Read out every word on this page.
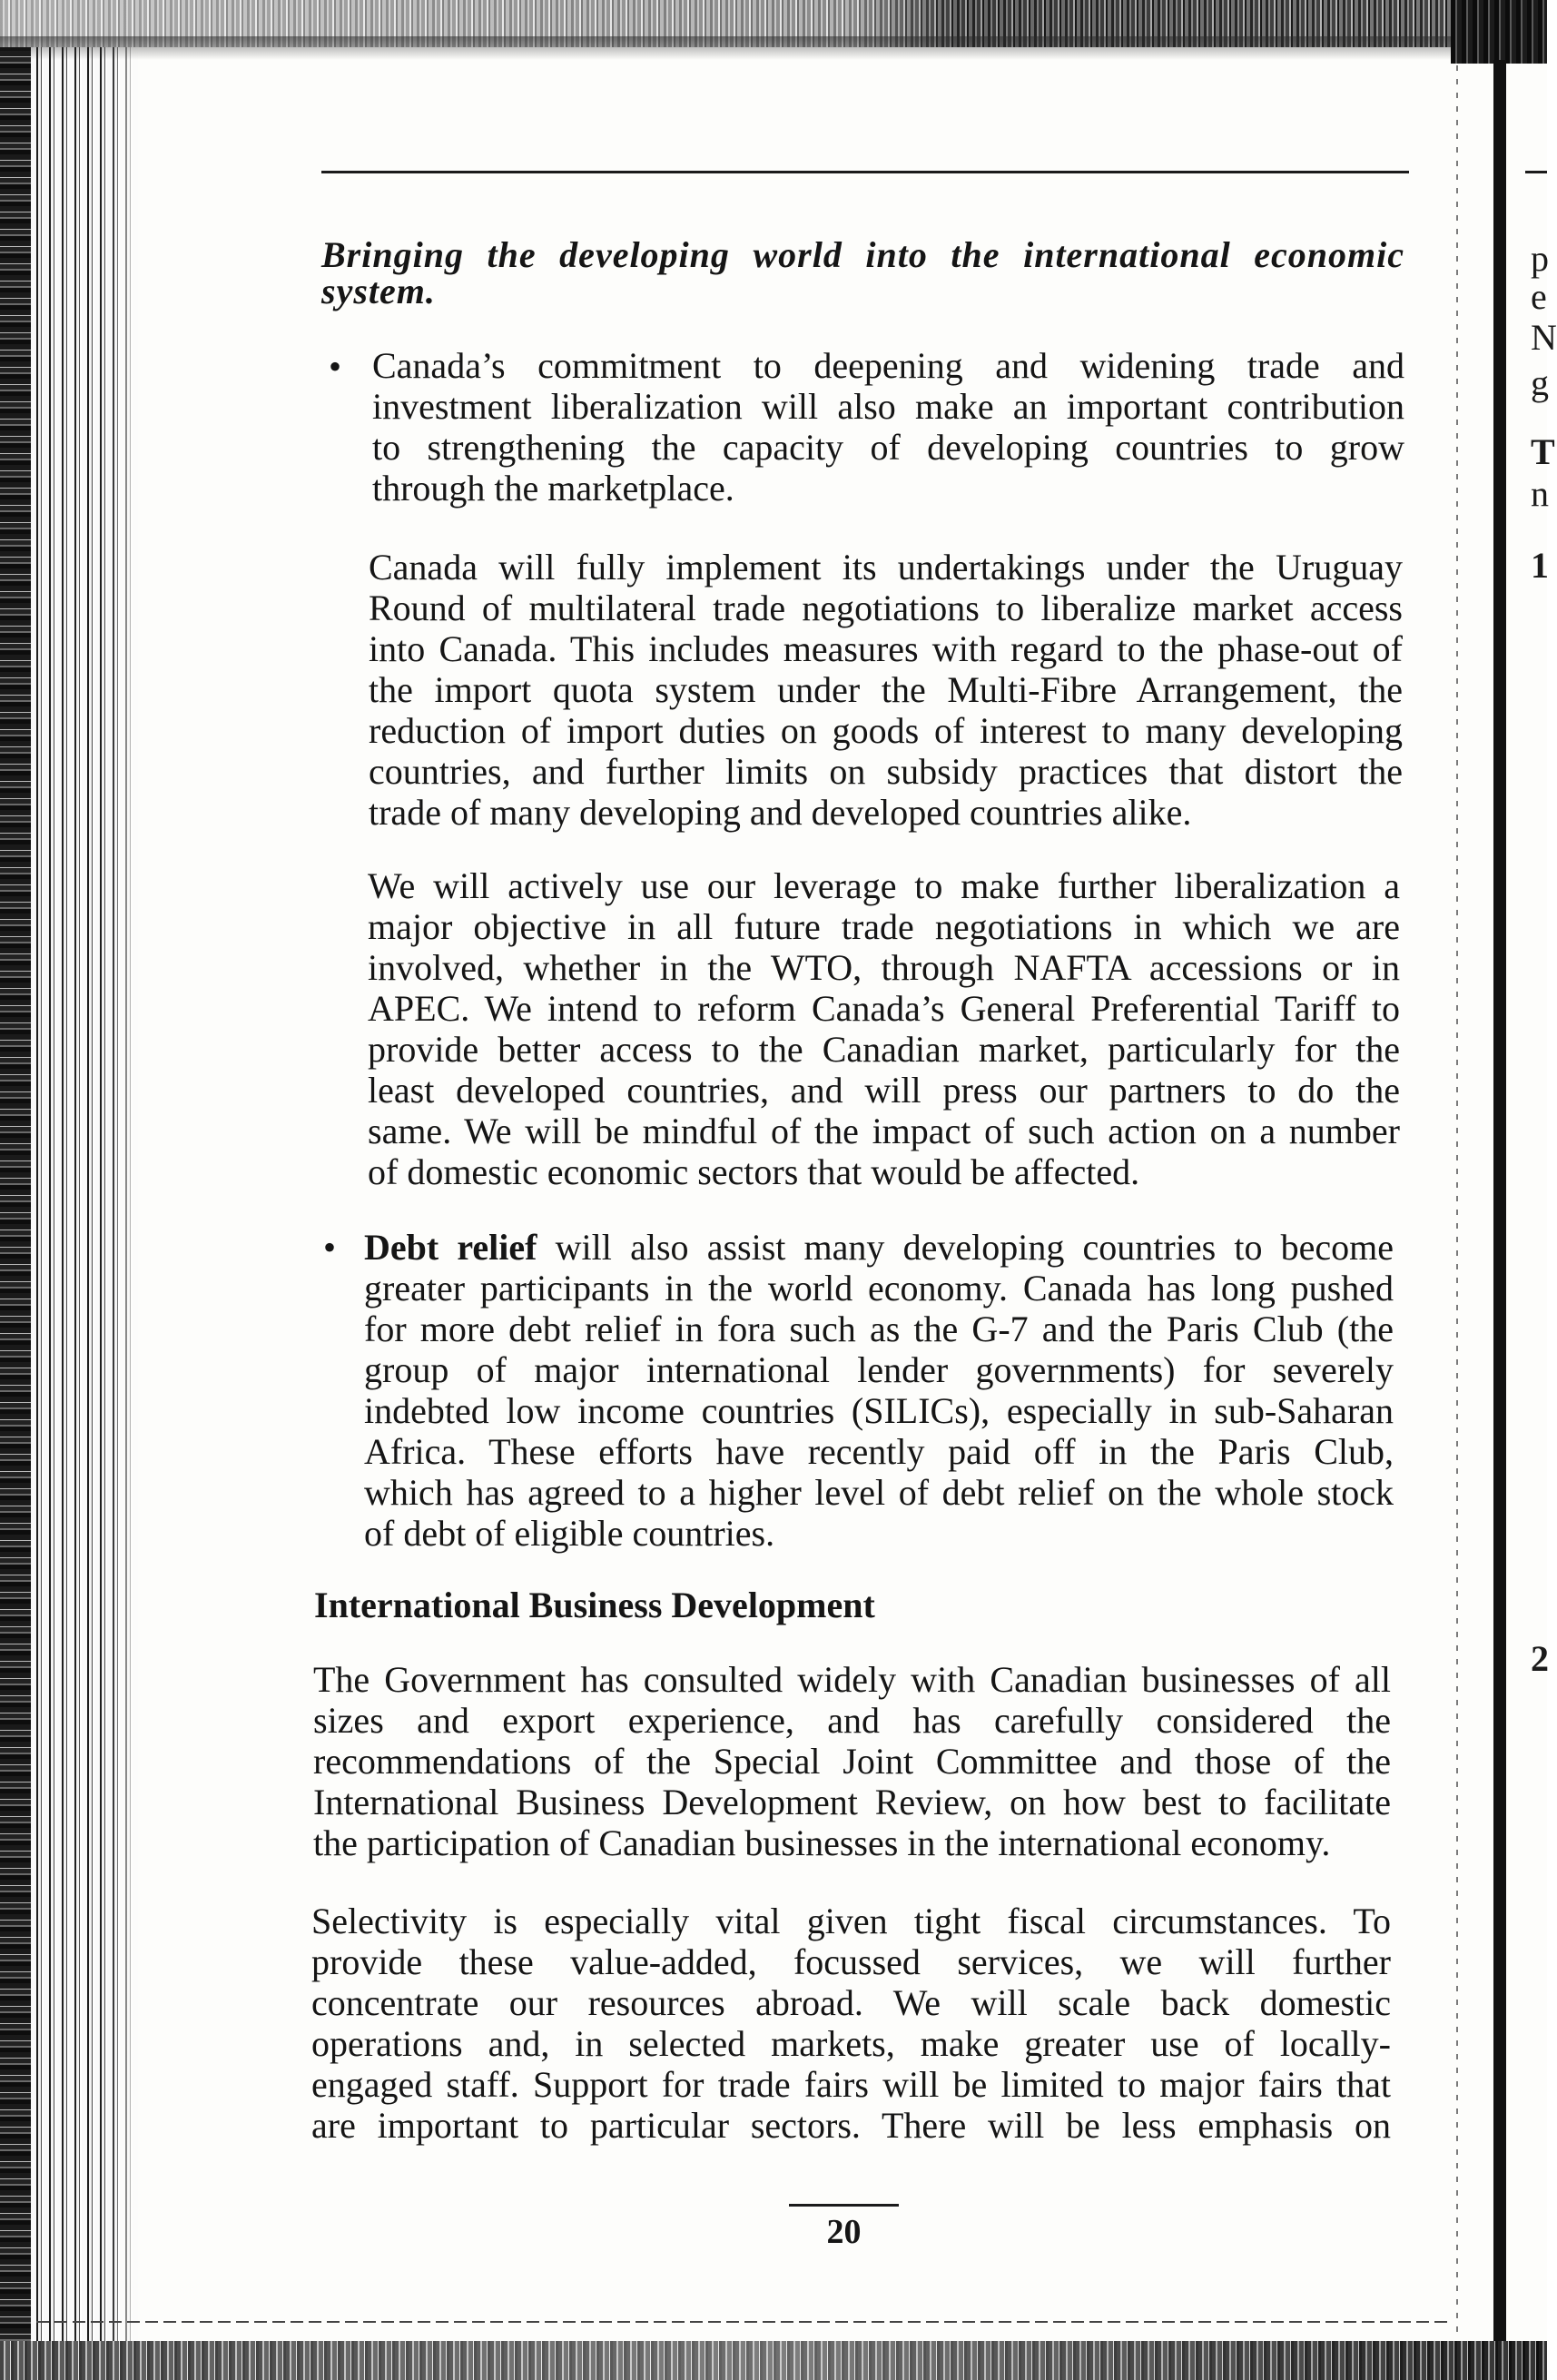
Bringing the developing world into the international economic
system.
• Canada’s commitment to deepening and widening trade and
investment liberalization will also make an important contribution
to strengthening the capacity of developing countries to grow
through the marketplace.
Canada will fully implement its undertakings under the Uruguay
Round of multilateral trade negotiations to liberalize market access
into Canada. This includes measures with regard to the phase-out of
the import quota system under the Multi-Fibre Arrangement, the
reduction of import duties on goods of interest to many developing
countries, and further limits on subsidy practices that distort the
trade of many developing and developed countries alike.
We will actively use our leverage to make further liberalization a
major objective in all future trade negotiations in which we are
involved, whether in the WTO, through NAFTA accessions or in
APEC. We intend to reform Canada’s General Preferential Tariff to
provide better access to the Canadian market, particularly for the
least developed countries, and will press our partners to do the
same. We will be mindful of the impact of such action on a number
of domestic economic sectors that would be affected.
• Debt relief will also assist many developing countries to become
greater participants in the world economy. Canada has long pushed
for more debt relief in fora such as the G-7 and the Paris Club (the
group of major international lender governments) for severely
indebted low income countries (SILICs), especially in sub-Saharan
Africa. These efforts have recently paid off in the Paris Club,
which has agreed to a higher level of debt relief on the whole stock
of debt of eligible countries.
International Business Development
The Government has consulted widely with Canadian businesses of all
sizes and export experience, and has carefully considered the
recommendations of the Special Joint Committee and those of the
International Business Development Review, on how best to facilitate
the participation of Canadian businesses in the international economy.
Selectivity is especially vital given tight fiscal circumstances. To
provide these value-added, focussed services, we will further
concentrate our resources abroad. We will scale back domestic
operations and, in selected markets, make greater use of locally-
engaged staff. Support for trade fairs will be limited to major fairs that
are important to particular sectors. There will be less emphasis on
20
p
e
N
g
T
n
1
2
